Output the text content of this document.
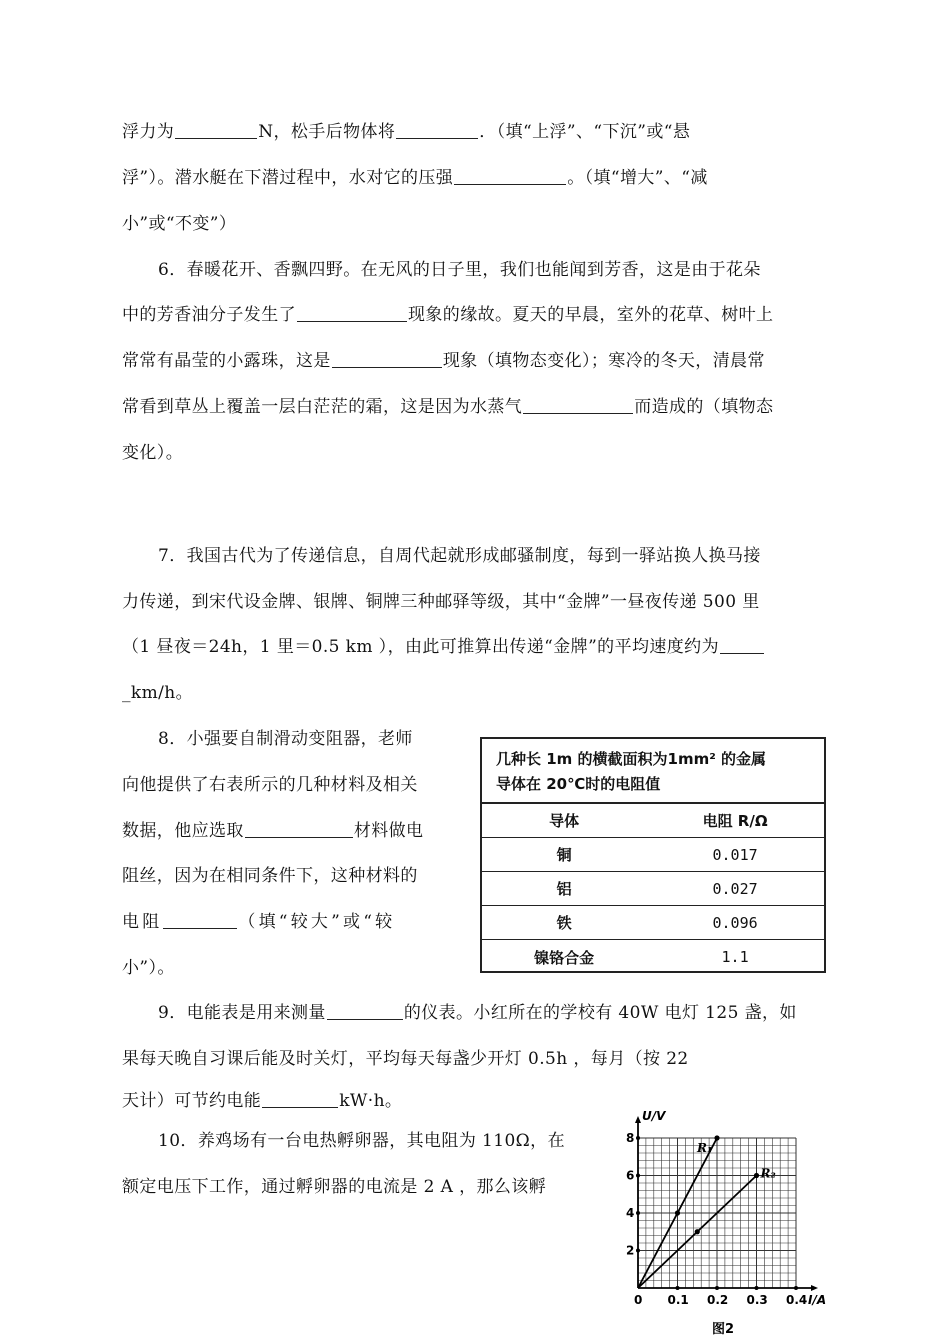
浮力为	N，松手后物体将	．（填“上浮”、“下沉”或“悬
浮”）。潜水艇在下潜过程中，水对它的压强	。（填“增大”、“减
小”或“不变”）
6．春暖花开、香飘四野。在无风的日子里，我们也能闻到芳香，这是由于花朵
中的芳香油分子发生了	现象的缘故。夏天的早晨，室外的花草、树叶上
常常有晶莹的小露珠，这是	现象（填物态变化）；寒冷的冬天，清晨常
常看到草丛上覆盖一层白茫茫的霜，这是因为水蒸气	而造成的（填物态
变化）。
7．我国古代为了传递信息，自周代起就形成邮骚制度，每到一驿站换人换马接
力传递，到宋代设金牌、银牌、铜牌三种邮驿等级，其中“金牌”一昼夜传递 500 里
（1 昼夜＝24h，1 里＝0.5 km ），由此可推算出传递“金牌”的平均速度约为
_km/h。
8．小强要自制滑动变阻器，老师
向他提供了右表所示的几种材料及相关
数据，他应选取	材料做电
阻丝，因为在相同条件下，这种材料的
电阻	（填“较大”或“较
小”）。
几种长 1m 的横截面积为1mm² 的金属
导体在 20℃时的电阻值
导体	电阻 R/Ω
铜	0.017
铝	0.027
铁	0.096
镍铬合金	1.1
9．电能表是用来测量	的仪表。小红所在的学校有 40W 电灯 125 盏，如
果每天晚自习课后能及时关灯，平均每天每盏少开灯 0.5h ，每月（按 22
天计）可节约电能	kW·h。
10．养鸡场有一台电热孵卵器，其电阻为 110Ω，在
额定电压下工作，通过孵卵器的电流是 2 A ，那么该孵
0 0.1 0.2 0.3 0.4
2
4
6
8
R₁
R₂
U/V
I/A
图2
